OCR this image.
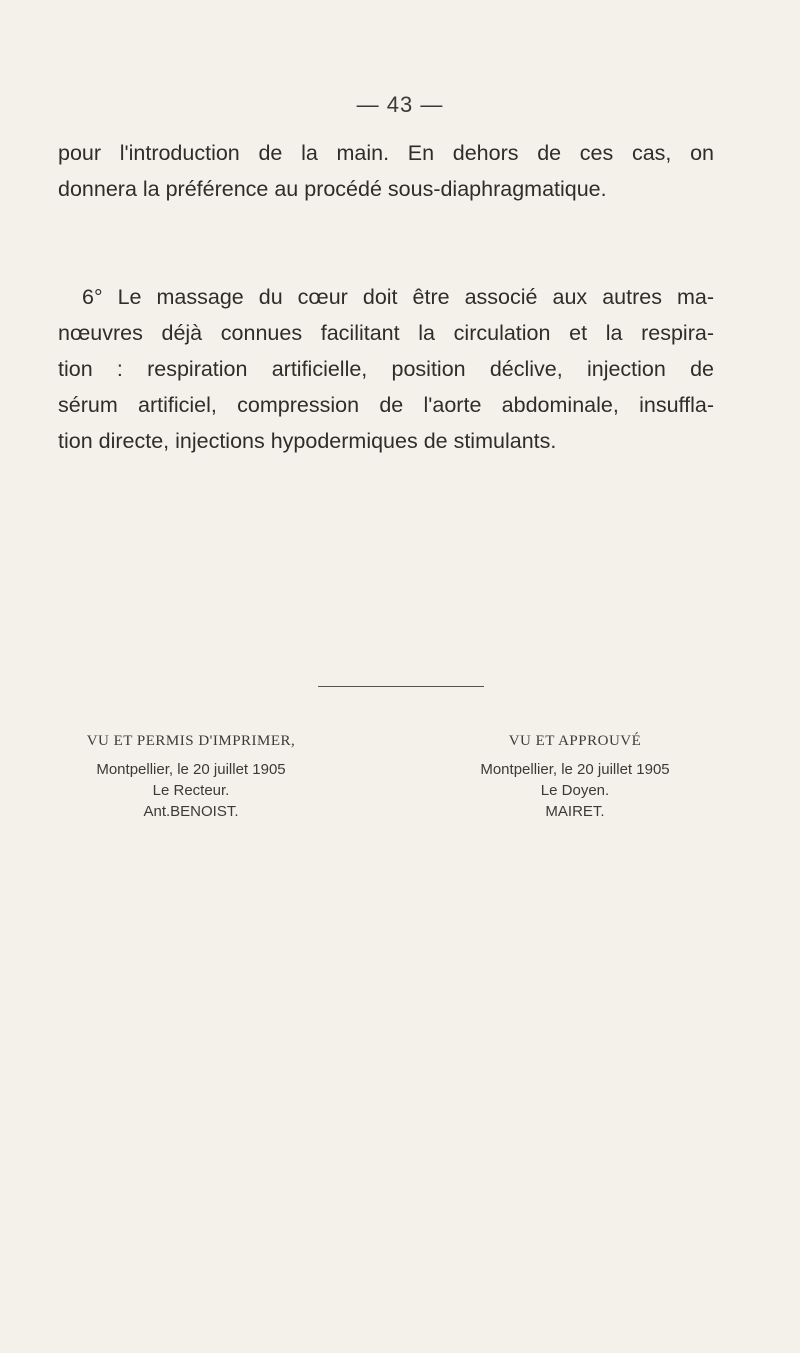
— 43 —

pour l'introduction de la main. En dehors de ces cas, on
donnera la préférence au procédé sous-diaphragmatique.

6° Le massage du cœur doit être associé aux autres ma-
nœuvres déjà connues facilitant la circulation et la respira-
tion : respiration artificielle, position déclive, injection de
sérum artificiel, compression de l'aorte abdominale, insuffla-
tion directe, injections hypodermiques de stimulants.

VU ET PERMIS D'IMPRIMER,
Montpellier, le 20 juillet 1905
Le Recteur.
Ant.BENOIST.
VU ET APPROUVÉ
Montpellier, le 20 juillet 1905
Le Doyen.
MAIRET.
